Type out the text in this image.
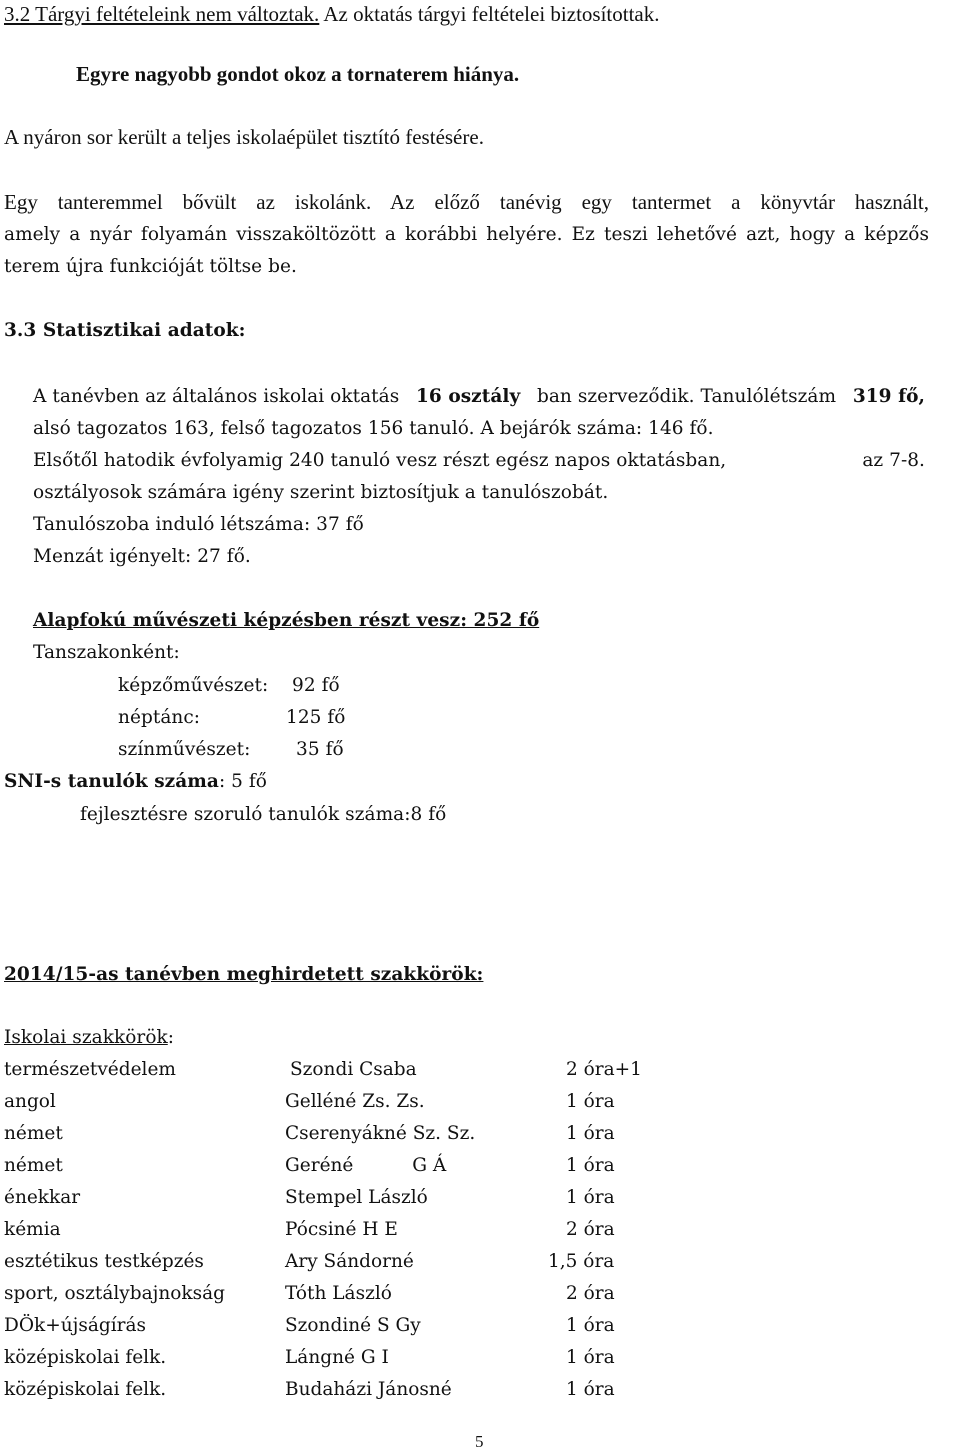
3.2 Tárgyi feltételeink nem változtak. Az oktatás tárgyi feltételei biztosítottak.
Egyre nagyobb gondot okoz a tornaterem hiánya.
A nyáron sor került a teljes iskolaépület tisztító festésére.
Egy tanteremmel bővült az iskolánk. Az előző tanévig egy tantermet a könyvtár használt,
amely a nyár folyamán visszaköltözött a korábbi helyére. Ez teszi lehetővé azt, hogy a képzős
terem újra funkcióját töltse be.
3.3 Statisztikai adatok:
A tanévben az általános iskolai oktatás 16 osztály ban szerveződik. Tanulólétszám 319 fő,
alsó tagozatos 163, felső tagozatos 156 tanuló. A bejárók száma: 146 fő.
Elsőtől hatodik évfolyamig 240 tanuló vesz részt egész napos oktatásban,	az 7-8.
osztályosok számára igény szerint biztosítjuk a tanulószobát.
Tanulószoba induló létszáma: 37 fő
Menzát igényelt: 27 fő.
Alapfokú művészeti képzésben részt vesz: 252 fő
Tanszakonként:
képzőművészet: 92 fő
néptánc:	125 fő
színművészet: 35 fő
SNI-s tanulók száma: 5 fő
fejlesztésre szoruló tanulók száma:8 fő
2014/15-as tanévben meghirdetett szakkörök:
Iskolai szakkörök:
természetvédelem	Szondi Csaba	2 óra+1
angol	Gelléné Zs. Zs.	1 óra
német	Cserenyákné Sz. Sz.	1 óra
német	Geréné          G Á	1 óra
énekkar	Stempel László	1 óra
kémia	Pócsiné H E	2 óra
esztétikus testképzés	Ary Sándorné	1,5 óra
sport, osztálybajnokság	Tóth László	2 óra
DÖk+újságírás	Szondiné S Gy	1 óra
középiskolai felk.	Lángné G I	1 óra
középiskolai felk.	Budaházi Jánosné	1 óra
5
